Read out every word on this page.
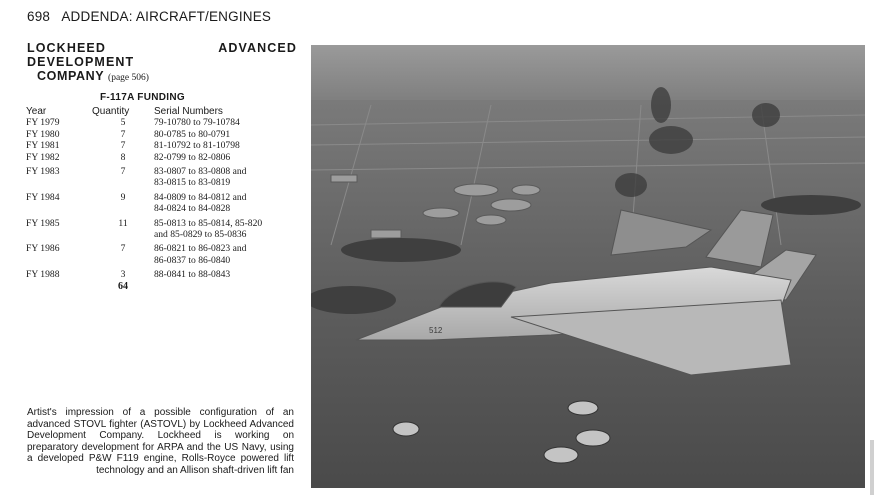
698 ADDENDA: AIRCRAFT/ENGINES
LOCKHEED ADVANCED DEVELOPMENT
COMPANY (page 506)
F-117A FUNDING
Year	Quantity	Serial Numbers
FY 1979	5	79-10780 to 79-10784
FY 1980	7	80-0785 to 80-0791
FY 1981	7	81-10792 to 81-10798
FY 1982	8	82-0799 to 82-0806
FY 1983	7	83-0807 to 83-0808 and
		83-0815 to 83-0819
FY 1984	9	84-0809 to 84-0812 and
		84-0824 to 84-0828
FY 1985	11	85-0813 to 85-0814, 85-820
		and 85-0829 to 85-0836
FY 1986	7	86-0821 to 86-0823 and
		86-0837 to 86-0840
FY 1988	3	88-0841 to 88-0843
	64	
Artist's impression of a possible configuration of an advanced STOVL fighter (ASTOVL) by Lockheed Advanced Development Company. Lockheed is working on preparatory development for ARPA and the US Navy, using a developed P&W F119 engine, Rolls-Royce powered lift technology and an Allison shaft-driven lift fan
512
